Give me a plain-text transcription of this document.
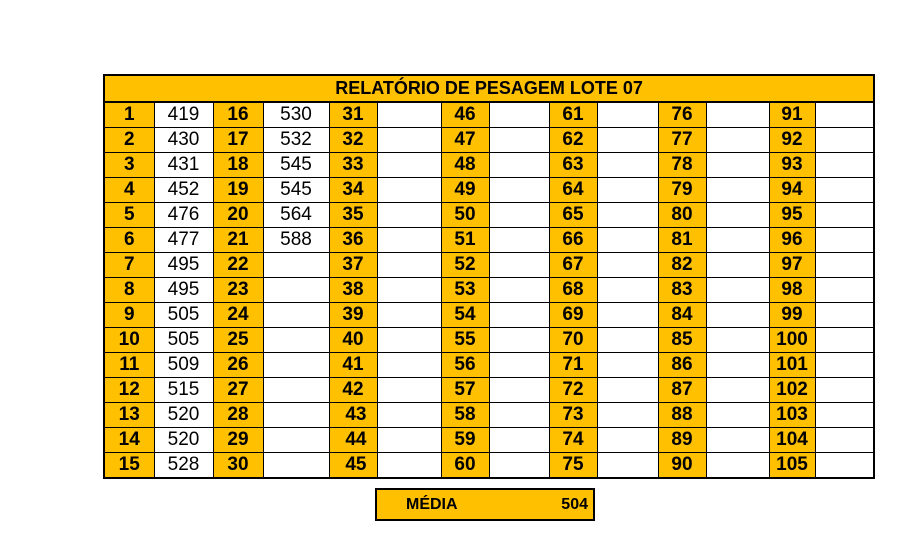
RELATÓRIO DE PESAGEM LOTE 07													
1	419	16	530	31		46		61		76		91	
2	430	17	532	32		47		62		77		92	
3	431	18	545	33		48		63		78		93	
4	452	19	545	34		49		64		79		94	
5	476	20	564	35		50		65		80		95	
6	477	21	588	36		51		66		81		96	
7	495	22		37		52		67		82		97	
8	495	23		38		53		68		83		98	
9	505	24		39		54		69		84		99	
10	505	25		40		55		70		85		100	
11	509	26		41		56		71		86		101	
12	515	27		42		57		72		87		102	
13	520	28		43		58		73		88		103	
14	520	29		44		59		74		89		104	
15	528	30		45		60		75		90		105	
MÉDIA	504
